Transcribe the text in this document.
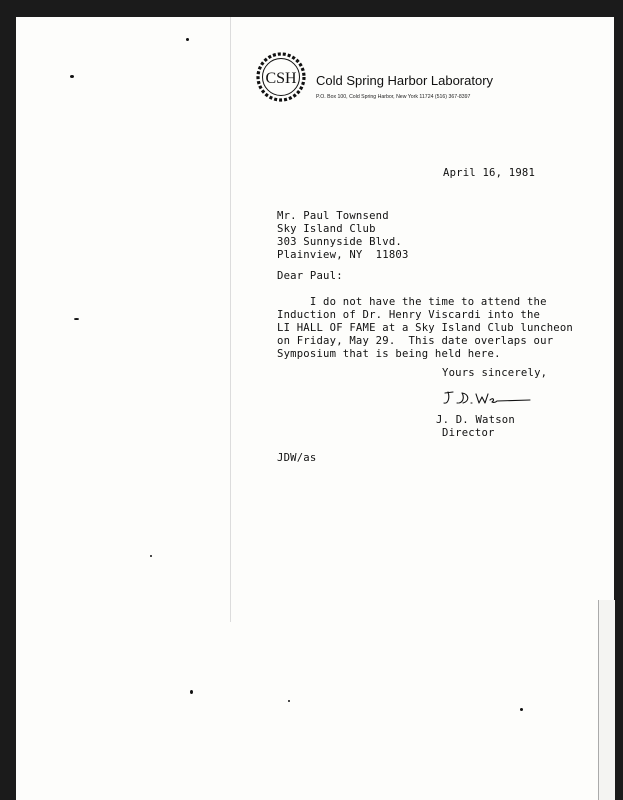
CSH Cold Spring Harbor Laboratory
P.O. Box 100, Cold Spring Harbor, New York 11724 (516) 367-8397
April 16, 1981
Mr. Paul Townsend
Sky Island Club
303 Sunnyside Blvd.
Plainview, NY  11803
Dear Paul:
I do not have the time to attend the
Induction of Dr. Henry Viscardi into the
LI HALL OF FAME at a Sky Island Club luncheon
on Friday, May 29.  This date overlaps our
Symposium that is being held here.
Yours sincerely,
J. D. Watson
Director
JDW/as
